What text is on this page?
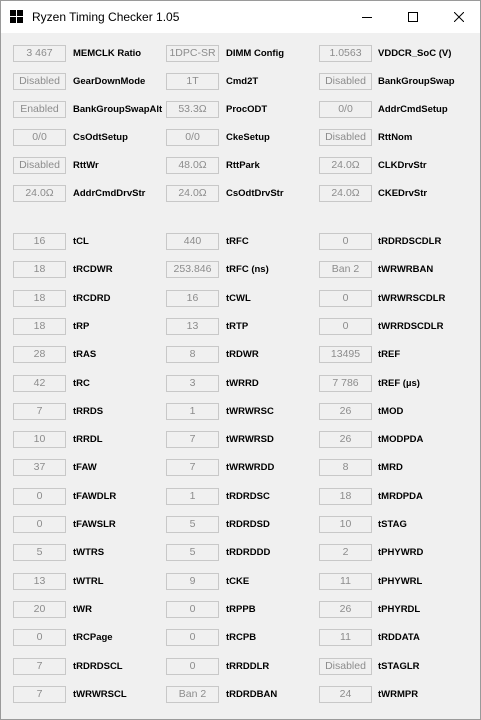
Ryzen Timing Checker 1.05
3 467	MEMCLK Ratio	1DPC-SR	DIMM Config	1.0563	VDDCR_SoC (V)
Disabled	GearDownMode	1T	Cmd2T	Disabled	BankGroupSwap
Enabled	BankGroupSwapAlt	53.3Ω	ProcODT	0/0	AddrCmdSetup
0/0	CsOdtSetup	0/0	CkeSetup	Disabled	RttNom
Disabled	RttWr	48.0Ω	RttPark	24.0Ω	CLKDrvStr
24.0Ω	AddrCmdDrvStr	24.0Ω	CsOdtDrvStr	24.0Ω	CKEDrvStr
16	tCL	440	tRFC	0	tRDRDSCDLR
18	tRCDWR	253.846	tRFC (ns)	Ban 2	tWRWRBAN
18	tRCDRD	16	tCWL	0	tWRWRSCDLR
18	tRP	13	tRTP	0	tWRRDSCDLR
28	tRAS	8	tRDWR	13495	tREF
42	tRC	3	tWRRD	7 786	tREF (µs)
7	tRRDS	1	tWRWRSC	26	tMOD
10	tRRDL	7	tWRWRSD	26	tMODPDA
37	tFAW	7	tWRWRDD	8	tMRD
0	tFAWDLR	1	tRDRDSC	18	tMRDPDA
0	tFAWSLR	5	tRDRDSD	10	tSTAG
5	tWTRS	5	tRDRDDD	2	tPHYWRD
13	tWTRL	9	tCKE	11	tPHYWRL
20	tWR	0	tRPPB	26	tPHYRDL
0	tRCPage	0	tRCPB	11	tRDDATA
7	tRDRDSCL	0	tRRDDLR	Disabled	tSTAGLR
7	tWRWRSCL	Ban 2	tRDRDBAN	24	tWRMPR
